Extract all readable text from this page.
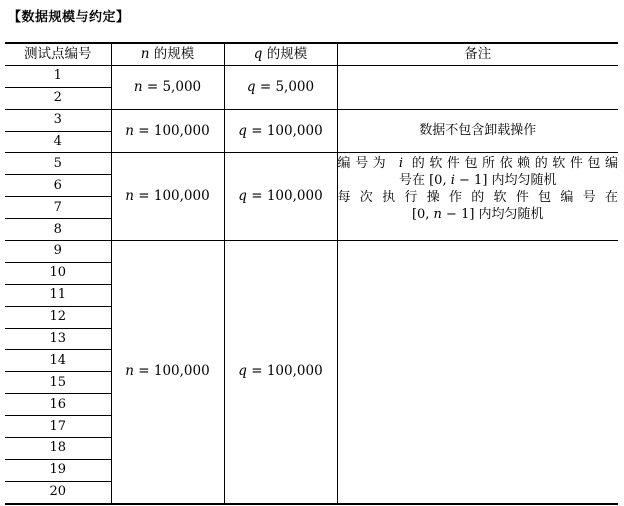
【数据规模与约定】
测试点编号	n 的规模	q 的规模	备注
1	n = 5,000	q = 5,000	
2			
3	n = 100,000	q = 100,000	数据不包含卸载操作

4			
5	n = 100,000	q = 100,000	编号为 i 的软件包所依赖的软件包编
号在 [0, i − 1] 内均匀随机
每次执行操作的软件包编号在
[0, n − 1] 内均匀随机

6			
7			
8			
9	n = 100,000	q = 100,000	
10			
11			
12			
13			
14			
15			
16			
17			
18			
19			
20			
